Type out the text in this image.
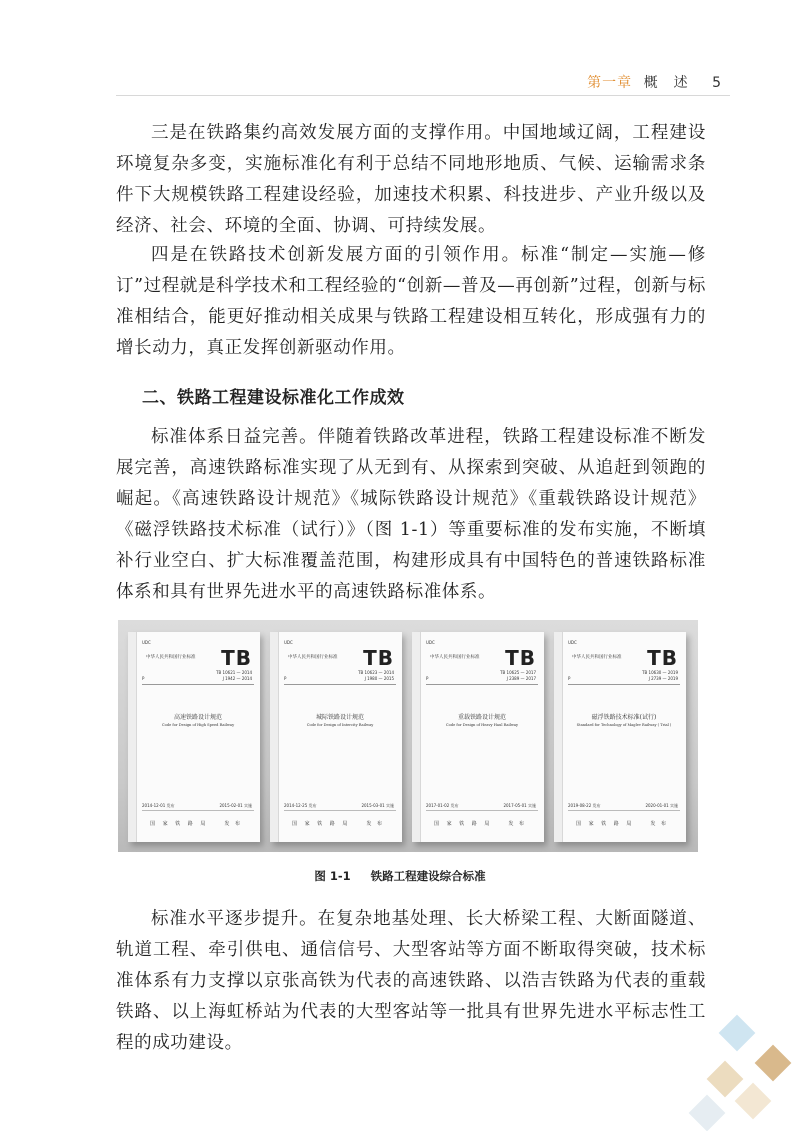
第一章 概　述 5

三是在铁路集约高效发展方面的支撑作用。中国地域辽阔，工程建设环境复杂多变，实施标准化有利于总结不同地形地质、气候、运输需求条件下大规模铁路工程建设经验，加速技术积累、科技进步、产业升级以及经济、社会、环境的全面、协调、可持续发展。

四是在铁路技术创新发展方面的引领作用。标准“制定—实施—修订”过程就是科学技术和工程经验的“创新—普及—再创新”过程，创新与标准相结合，能更好推动相关成果与铁路工程建设相互转化，形成强有力的增长动力，真正发挥创新驱动作用。

二、铁路工程建设标准化工作成效

标准体系日益完善。伴随着铁路改革进程，铁路工程建设标准不断发展完善，高速铁路标准实现了从无到有、从探索到突破、从追赶到领跑的崛起。《高速铁路设计规范》《城际铁路设计规范》《重载铁路设计规范》《磁浮铁路技术标准（试行）》（图 1-1）等重要标准的发布实施，不断填补行业空白、扩大标准覆盖范围，构建形成具有中国特色的普速铁路标准体系和具有世界先进水平的高速铁路标准体系。

UDC
中华人民共和国行业标准 TB
P
TB 10621 — 2014
J 1942 — 2014
高速铁路设计规范
Code for Design of High Speed Railway
2014-12-01 发布	2015-02-01 实施
国 家 铁 路 局	发 布
UDC
中华人民共和国行业标准 TB
P
TB 10623 — 2014
J 1980 — 2015
城际铁路设计规范
Code for Design of Intercity Railway
2014-12-25 发布	2015-03-01 实施
国 家 铁 路 局	发 布
UDC
中华人民共和国行业标准 TB
P
TB 10625 — 2017
J 2389 — 2017
重载铁路设计规范
Code for Design of Heavy Haul Railway
2017-01-02 发布	2017-05-01 实施
国 家 铁 路 局	发 布
UDC
中华人民共和国行业标准 TB
P
TB 10630 — 2019
J 2739 — 2019
磁浮铁路技术标准(试行)
Standard for Technology of Maglev Railway ( Trial )
2019-08-22 发布	2020-01-01 实施
国 家 铁 路 局	发 布
图 1-1 铁路工程建设综合标准

标准水平逐步提升。在复杂地基处理、长大桥梁工程、大断面隧道、轨道工程、牵引供电、通信信号、大型客站等方面不断取得突破，技术标准体系有力支撑以京张高铁为代表的高速铁路、以浩吉铁路为代表的重载铁路、以上海虹桥站为代表的大型客站等一批具有世界先进水平标志性工程的成功建设。
